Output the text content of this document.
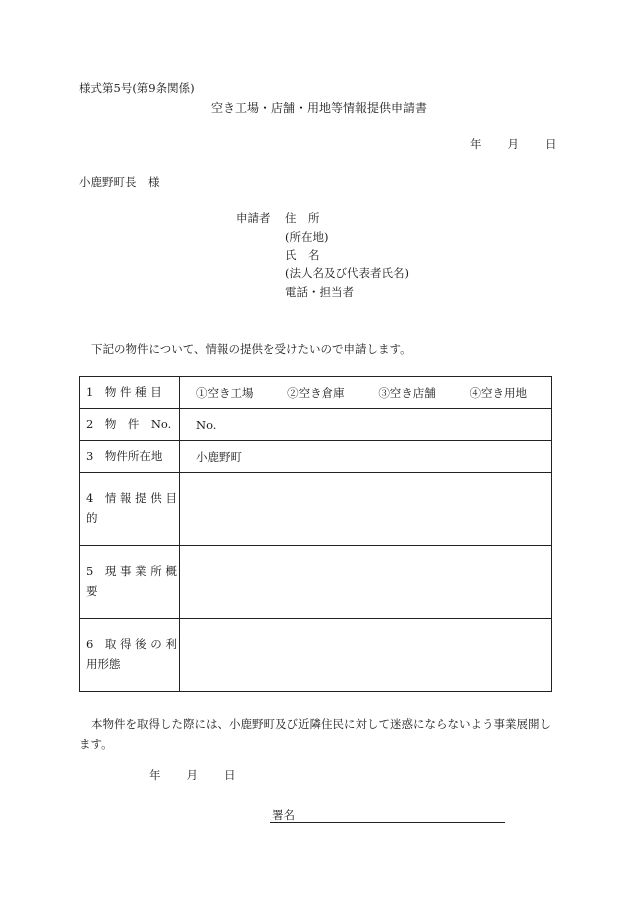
様式第5号(第9条関係)
空き工場・店舗・用地等情報提供申請書
年 月 日
小鹿野町長　様
申請者 住　所
(所在地)
氏　名
(法人名及び代表者氏名)
電話・担当者
下記の物件について、情報の提供を受けたいので申請します。
1　物 件 種 目	①空き工場 ②空き倉庫 ③空き店舗 ④空き用地
2　物　件　No.	No.
3　物件所在地	小鹿野町
4　情 報 提 供 目的	
5　現 事 業 所 概要	
6　取 得 後 の 利用形態	
本物件を取得した際には、小鹿野町及び近隣住民に対して迷惑にならないよう事業展開します。
年 月 日
署名
